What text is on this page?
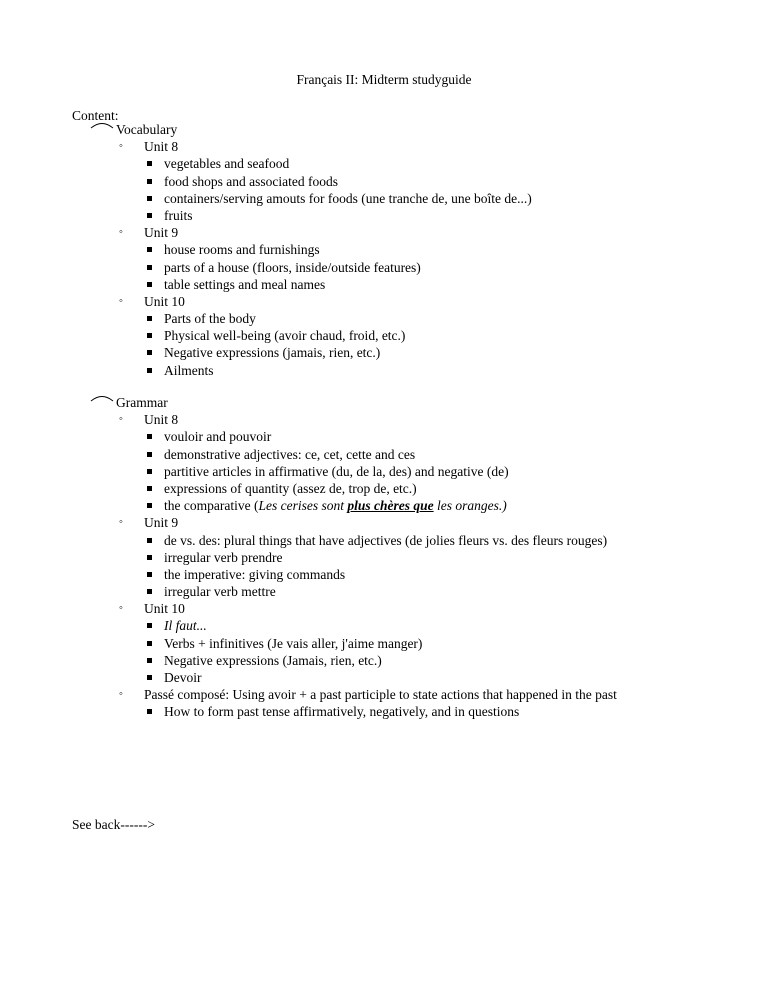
Français II: Midterm studyguide
Content:
Vocabulary
◦ Unit 8
vegetables and seafood
food shops and associated foods
containers/serving amouts for foods (une tranche de, une boîte de...)
fruits
◦ Unit 9
house rooms and furnishings
parts of a house (floors, inside/outside features)
table settings and meal names
◦ Unit 10
Parts of the body
Physical well-being (avoir chaud, froid, etc.)
Negative expressions (jamais, rien, etc.)
Ailments
Grammar
◦ Unit 8
vouloir and pouvoir
demonstrative adjectives: ce, cet, cette and ces
partitive articles in affirmative (du, de la, des) and negative (de)
expressions of quantity (assez de, trop de, etc.)
the comparative (Les cerises sont plus chères que les oranges.)
◦ Unit 9
de vs. des: plural things that have adjectives (de jolies fleurs vs. des fleurs rouges)
irregular verb prendre
the imperative: giving commands
irregular verb mettre
◦ Unit 10
Il faut...
Verbs + infinitives (Je vais aller, j'aime manger)
Negative expressions (Jamais, rien, etc.)
Devoir
◦ Passé composé: Using avoir + a past participle to state actions that happened in the past
How to form past tense affirmatively, negatively, and in questions
See back------>
